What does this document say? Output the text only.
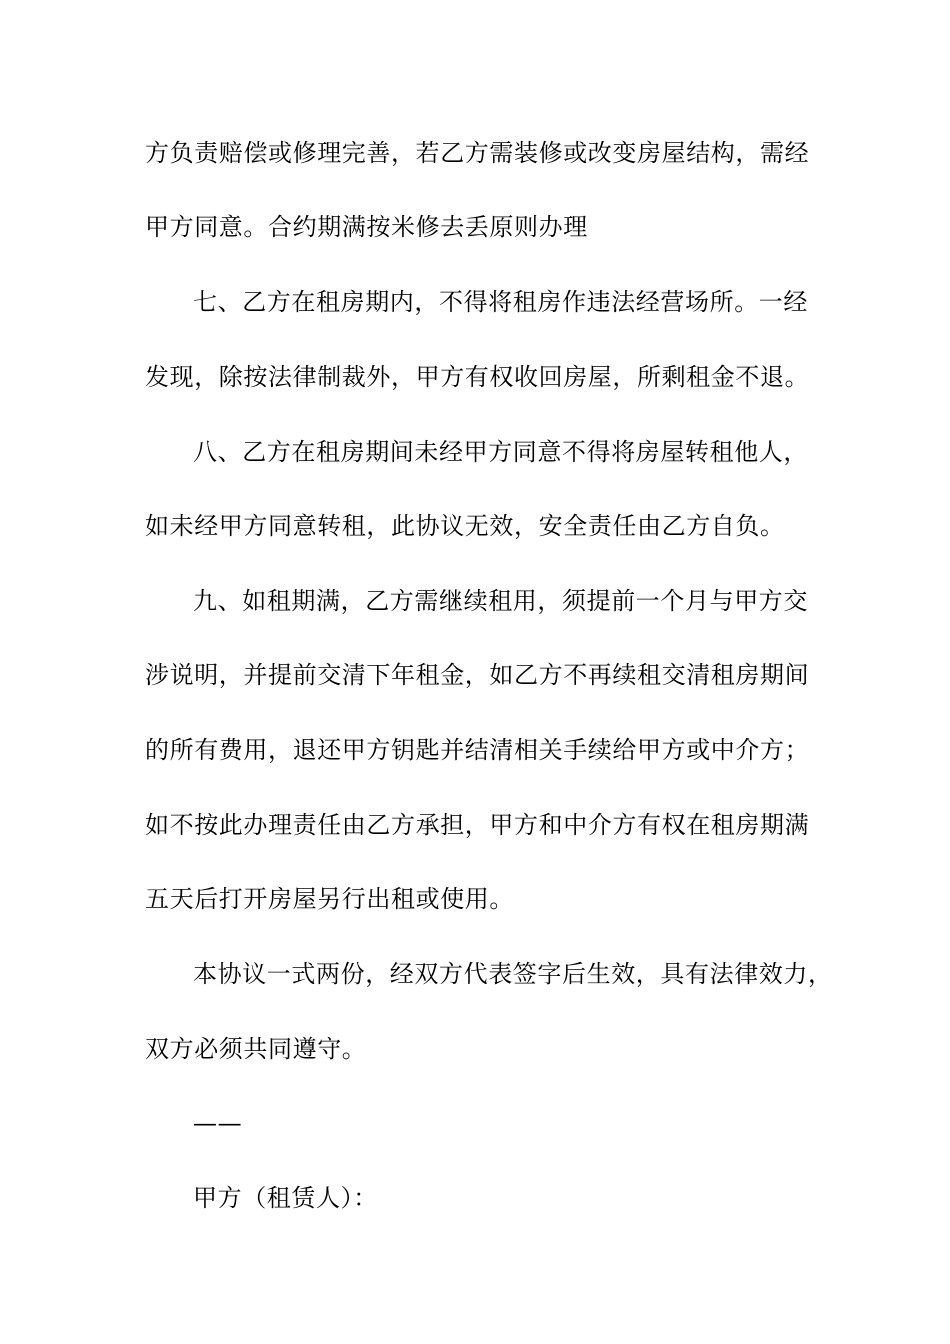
方负责赔偿或修理完善，若乙方需装修或改变房屋结构，需经
甲方同意。合约期满按米修去丢原则办理
七、乙方在租房期内，不得将租房作违法经营场所。一经
发现，除按法律制裁外，甲方有权收回房屋，所剩租金不退。
八、乙方在租房期间未经甲方同意不得将房屋转租他人，
如未经甲方同意转租，此协议无效，安全责任由乙方自负。
九、如租期满，乙方需继续租用，须提前一个月与甲方交
涉说明，并提前交清下年租金，如乙方不再续租交清租房期间
的所有费用，退还甲方钥匙并结清相关手续给甲方或中介方；
如不按此办理责任由乙方承担，甲方和中介方有权在租房期满
五天后打开房屋另行出租或使用。
本协议一式两份，经双方代表签字后生效，具有法律效力，
双方必须共同遵守。
——
甲方（租赁人）：
